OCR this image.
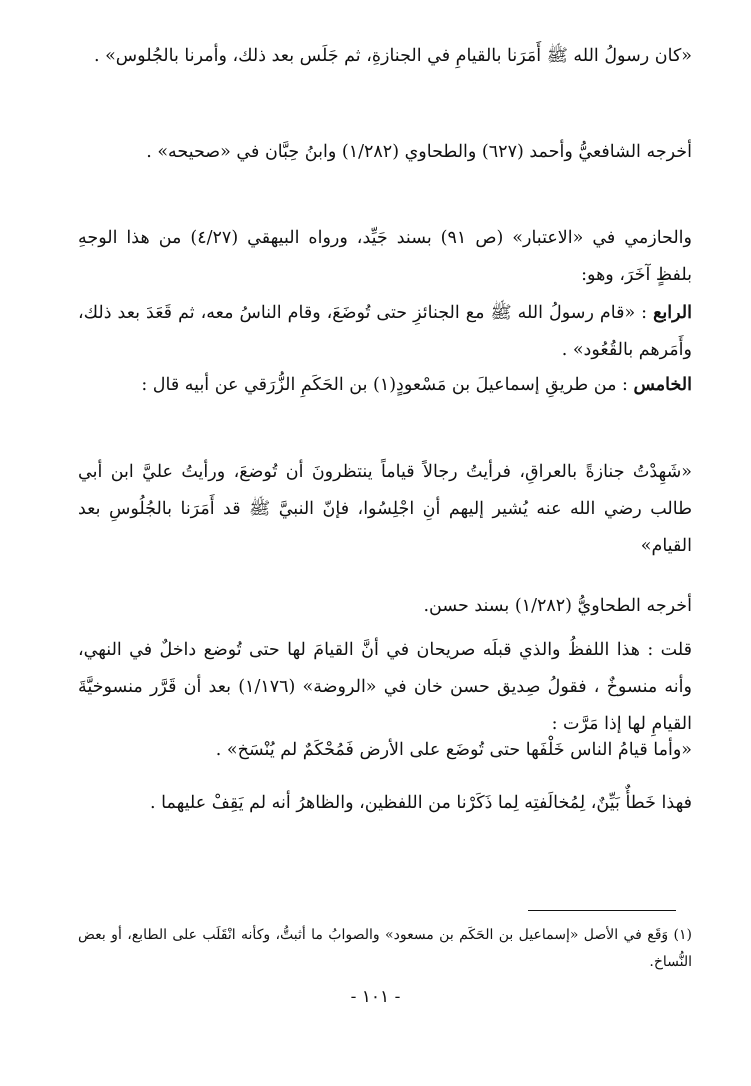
«كان رسولُ الله ﷺ أَمَرَنا بالقيامِ في الجنازةِ، ثم جَلَس بعد ذلك، وأمرنا بالجُلوس» .
أخرجه الشافعيُّ وأحمد (٦٢٧) والطحاوي (١/٢٨٢) وابنُ حِبَّان في «صحيحه» .
والحازمي في «الاعتبار» (ص ٩١) بسند جَيِّد، ورواه البيهقي (٤/٢٧) من هذا الوجهِ بلفظٍ آخَرَ، وهو:
الرابع : «قام رسولُ الله ﷺ مع الجنائزِ حتى تُوضَعَ، وقام الناسُ معه، ثم قَعَدَ بعد ذلك، وأَمَرهم بالقُعُود» .
الخامس : من طريقِ إسماعيلَ بن مَسْعودٍ(١) بن الحَكَمِ الزُّرَقي عن أبيه قال :
«شَهِدْتُ جنازةً بالعراقِ، فرأيتُ رجالاً قياماً ينتظرونَ أن تُوضعَ، ورأيتُ عليَّ ابن أبي طالب رضي الله عنه يُشير إليهم أنِ اجْلِسُوا، فإنّ النبيَّ ﷺ قد أَمَرَنا بالجُلُوسِ بعد القيام»
أخرجه الطحاويُّ (١/٢٨٢) بسند حسن.
قلت : هذا اللفظُ والذي قبلَه صريحان في أنَّ القيامَ لها حتى تُوضع داخلٌ في النهي، وأنه منسوخٌ ، فقولُ صِديق حسن خان في «الروضة» (١/١٧٦) بعد أن قَرَّر منسوخيَّةَ القيامِ لها إذا مَرَّت :
«وأما قيامُ الناس خَلْفَها حتى تُوضَع على الأرض فَمُحْكَمٌ لم يُنْسَخ» .
فهذا خَطأٌ بَيِّنٌ، لِمُخالَفتِه لِما ذَكَرْنا من اللفظين، والظاهرُ أنه لم يَقِفْ عليهما .
(١) وَقَع في الأصل «إسماعيل بن الحَكَم بن مسعود» والصوابُ ما أثبتُّ، وكأنه انْقَلَب على الطابع، أو بعض النُّساخ.
- ١٠١ -
